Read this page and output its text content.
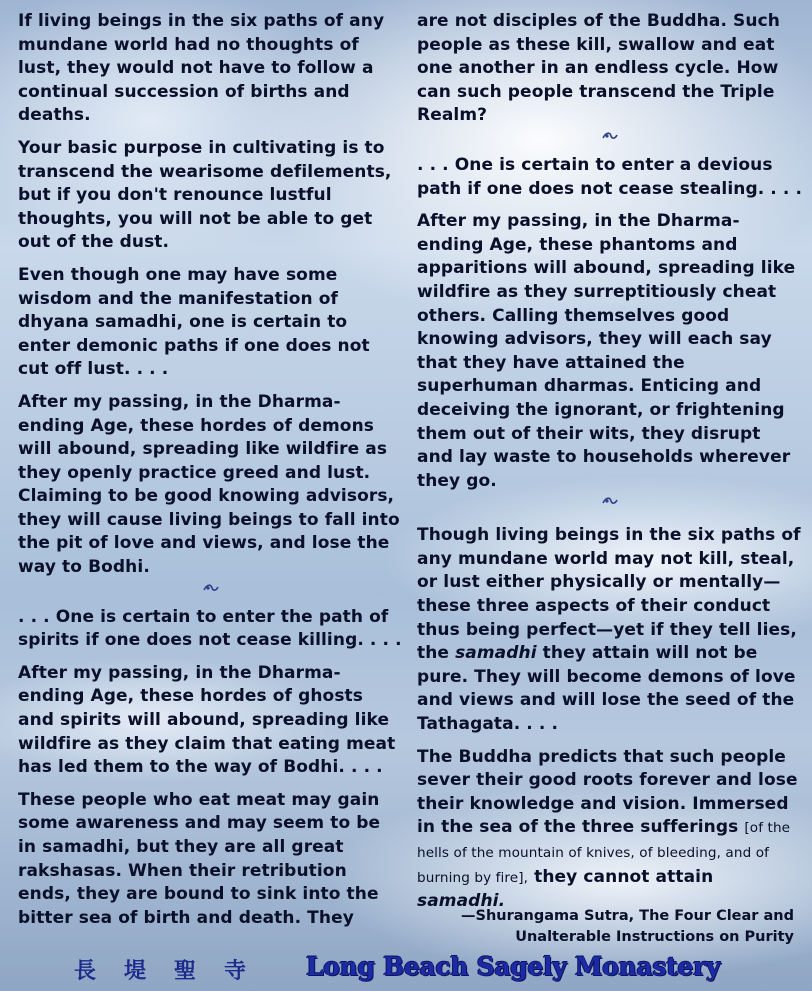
If living beings in the six paths of any mundane world had no thoughts of lust, they would not have to follow a continual succession of births and deaths.

Your basic purpose in cultivating is to transcend the wearisome defilements, but if you don't renounce lustful thoughts, you will not be able to get out of the dust.

Even though one may have some wisdom and the manifestation of dhyana samadhi, one is certain to enter demonic paths if one does not cut off lust. . . .

After my passing, in the Dharma-ending Age, these hordes of demons will abound, spreading like wildfire as they openly practice greed and lust. Claiming to be good knowing advisors, they will cause living beings to fall into the pit of love and views, and lose the way to Bodhi.

. . . One is certain to enter the path of spirits if one does not cease killing. . . .

After my passing, in the Dharma-ending Age, these hordes of ghosts and spirits will abound, spreading like wildfire as they claim that eating meat has led them to the way of Bodhi. . . .

These people who eat meat may gain some awareness and may seem to be in samadhi, but they are all great rakshasas. When their retribution ends, they are bound to sink into the bitter sea of birth and death. They

are not disciples of the Buddha. Such people as these kill, swallow and eat one another in an endless cycle. How can such people transcend the Triple Realm?

. . . One is certain to enter a devious path if one does not cease stealing. . . .

After my passing, in the Dharma-ending Age, these phantoms and apparitions will abound, spreading like wildfire as they surreptitiously cheat others. Calling themselves good knowing advisors, they will each say that they have attained the superhuman dharmas. Enticing and deceiving the ignorant, or frightening them out of their wits, they disrupt and lay waste to households wherever they go.

Though living beings in the six paths of any mundane world may not kill, steal, or lust either physically or mentally—these three aspects of their conduct thus being perfect—yet if they tell lies, the samadhi they attain will not be pure. They will become demons of love and views and will lose the seed of the Tathagata. . . .

The Buddha predicts that such people sever their good roots forever and lose their knowledge and vision. Immersed in the sea of the three sufferings [of the hells of the mountain of knives, of bleeding, and of burning by fire], they cannot attain samadhi.

—Shurangama Sutra, The Four Clear and
Unalterable Instructions on Purity
長堤聖寺 Long Beach Sagely Monastery
